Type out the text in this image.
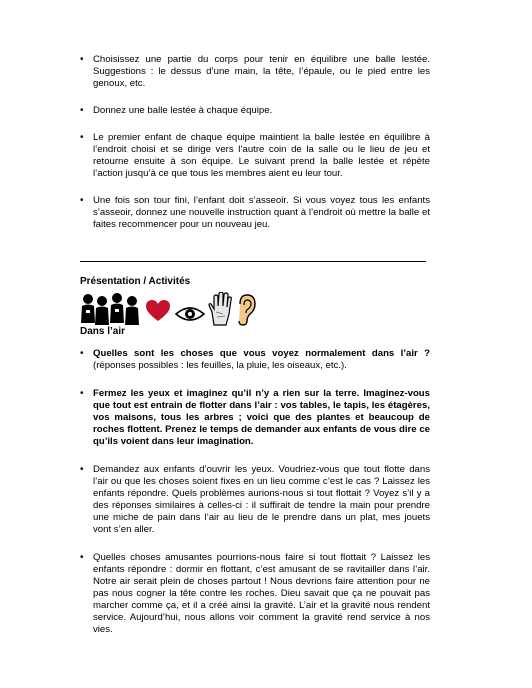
• Choisissez une partie du corps pour tenir en équilibre une balle lestée. Suggestions : le dessus d’une main, la tête, l’épaule, ou le pied entre les genoux, etc.
• Donnez une balle lestée à chaque équipe.
• Le premier enfant de chaque équipe maintient la balle lestée en équilibre à l’endroit choisi et se dirige vers l’autre coin de la salle ou le lieu de jeu et retourne ensuite à son équipe. Le suivant prend la balle lestée et répète l’action jusqu’à ce que tous les membres aient eu leur tour.
• Une fois son tour fini, l’enfant doit s’asseoir. Si vous voyez tous les enfants s’asseoir, donnez une nouvelle instruction quant à l’endroit où mettre la balle et faites recommencer pour un nouveau jeu.
Présentation / Activités
Dans l’air
• Quelles sont les choses que vous voyez normalement dans l’air ? (réponses possibles : les feuilles, la pluie, les oiseaux, etc.).
• Fermez les yeux et imaginez qu’il n’y a rien sur la terre. Imaginez-vous que tout est entrain de flotter dans l’air : vos tables, le tapis, les étagères, vos maisons, tous les arbres ; voici que des plantes et beaucoup de roches flottent. Prenez le temps de demander aux enfants de vous dire ce qu’ils voient dans leur imagination.
• Demandez aux enfants d’ouvrir les yeux. Voudriez-vous que tout flotte dans l’air ou que les choses soient fixes en un lieu comme c’est le cas ? Laissez les enfants répondre. Quels problèmes aurions-nous si tout flottait ? Voyez s’il y a des réponses similaires à celles-ci : il suffirait de tendre la main pour prendre une miche de pain dans l’air au lieu de le prendre dans un plat, mes jouets vont s’en aller.
• Quelles choses amusantes pourrions-nous faire si tout flottait ? Laissez les enfants répondre : dormir en flottant, c’est amusant de se ravitailler dans l’air. Notre air serait plein de choses partout ! Nous devrions faire attention pour ne pas nous cogner la tête contre les roches. Dieu savait que ça ne pouvait pas marcher comme ça, et il a créé ainsi la gravité. L’air et la gravité nous rendent service. Aujourd’hui, nous allons voir comment la gravité rend service à nos vies.
